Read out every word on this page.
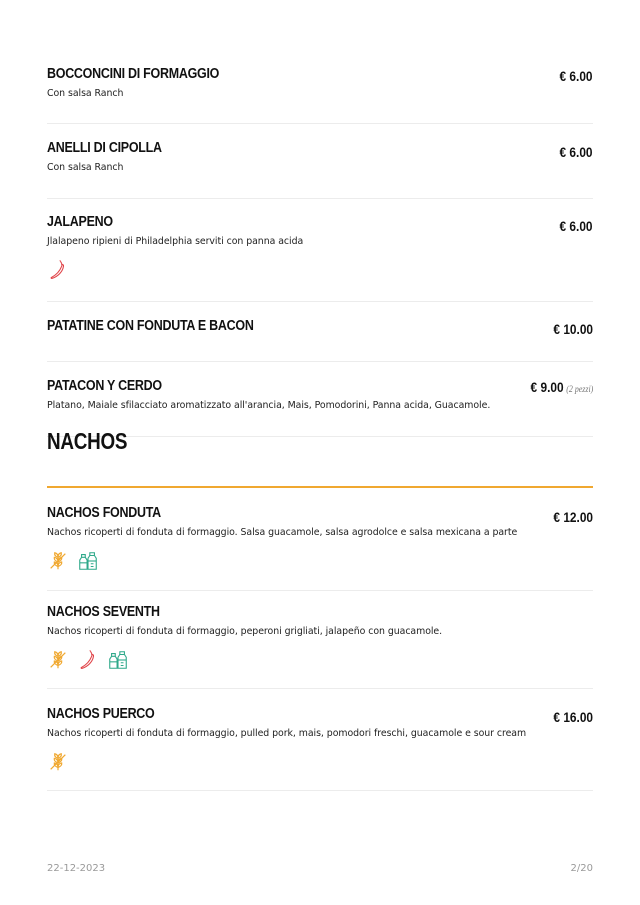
BOCCONCINI DI FORMAGGIO	€ 6.00
Con salsa Ranch
ANELLI DI CIPOLLA	€ 6.00
Con salsa Ranch
JALAPENO	€ 6.00
Jlalapeno ripieni di Philadelphia serviti con panna acida
PATATINE CON FONDUTA E BACON	€ 10.00
PATACON Y CERDO	€ 9.00 (2 pezzi)
Platano, Maiale sfilacciato aromatizzato all'arancia, Mais, Pomodorini, Panna acida, Guacamole.
NACHOS
NACHOS FONDUTA	€ 12.00
Nachos ricoperti di fonduta di formaggio. Salsa guacamole, salsa agrodolce e salsa mexicana a parte
NACHOS SEVENTH
Nachos ricoperti di fonduta di formaggio, peperoni grigliati, jalapeño con guacamole.
NACHOS PUERCO	€ 16.00
Nachos ricoperti di fonduta di formaggio, pulled pork, mais, pomodori freschi, guacamole e sour cream
22-12-2023	2/20
